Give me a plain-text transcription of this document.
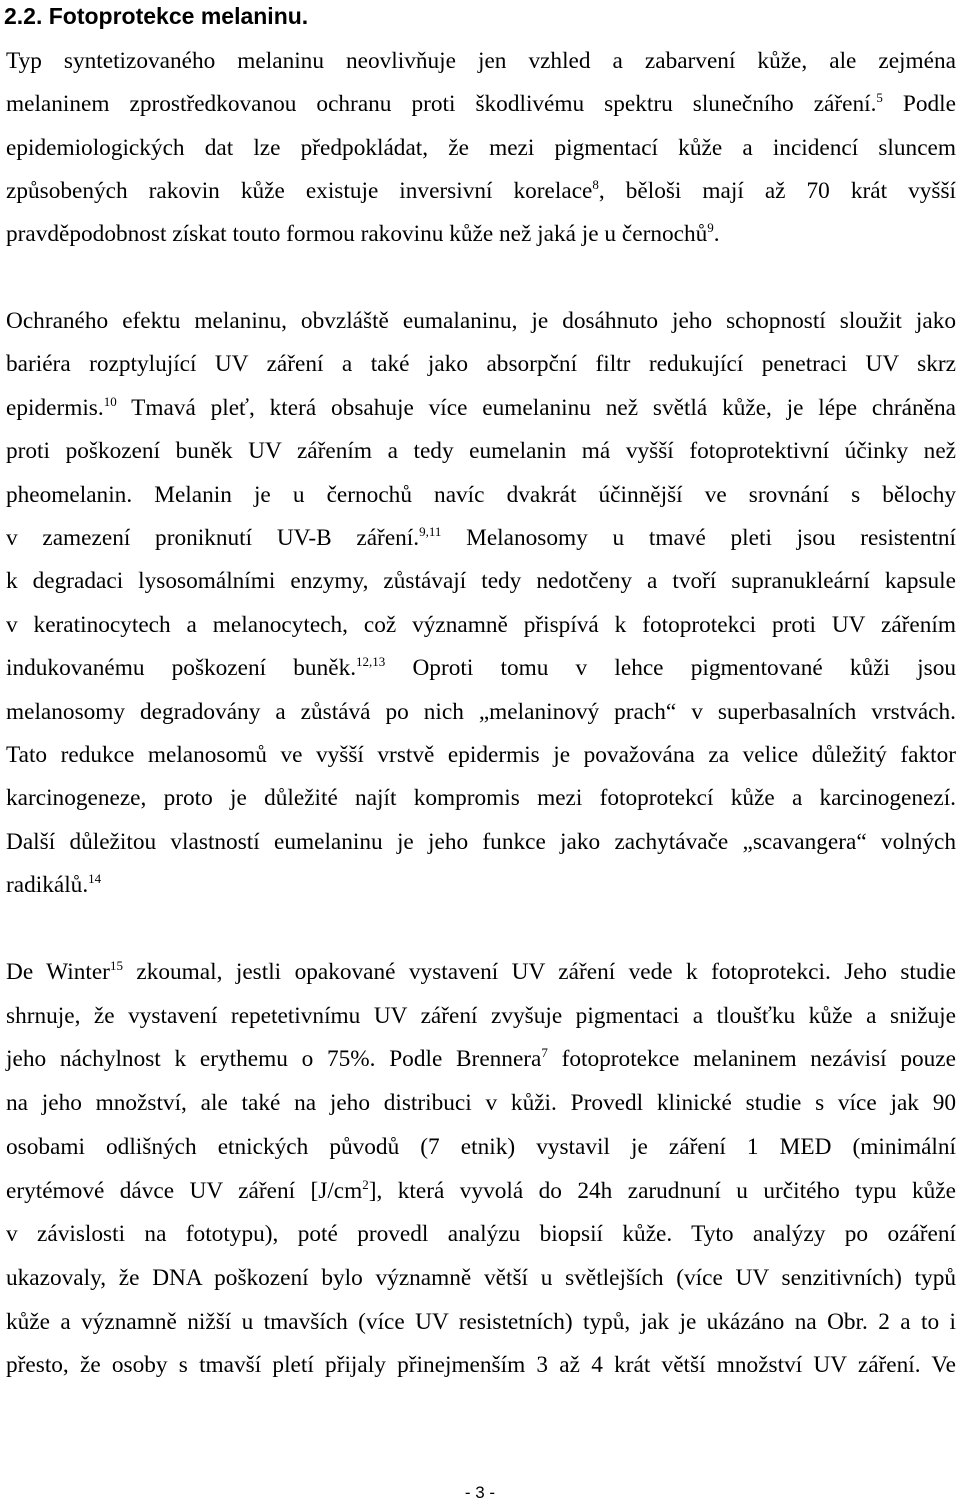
2.2. Fotoprotekce melaninu.
Typ syntetizovaného melaninu neovlivňuje jen vzhled a zabarvení kůže, ale zejména
melaninem zprostředkovanou ochranu proti škodlivému spektru slunečního záření.$^5$ Podle
epidemiologických dat lze předpokládat, že mezi pigmentací kůže a incidencí sluncem
způsobených rakovin kůže existuje inversivní korelace$^8$, běloši mají až 70 krát vyšší
pravděpodobnost získat touto formou rakovinu kůže než jaká je u černochů$^9$.
Ochraného efektu melaninu, obvzláště eumalaninu, je dosáhnuto jeho schopností sloužit jako
bariéra rozptylující UV záření a také jako absorpční filtr redukující penetraci UV skrz
epidermis.$^{10}$ Tmavá pleť, která obsahuje více eumelaninu než světlá kůže, je lépe chráněna
proti poškození buněk UV zářením a tedy eumelanin má vyšší fotoprotektivní účinky než
pheomelanin. Melanin je u černochů navíc dvakrát účinnější ve srovnání s bělochy
v zamezení proniknutí UV-B záření.$^{9,11}$ Melanosomy u tmavé pleti jsou resistentní
k degradaci lysosomálními enzymy, zůstávají tedy nedotčeny a tvoří supranukleární kapsule
v keratinocytech a melanocytech, což významně přispívá k fotoprotekci proti UV zářením
indukovanému poškození buněk.$^{12,13}$ Oproti tomu v lehce pigmentované kůži jsou
melanosomy degradovány a zůstává po nich „melaninový prach“ v superbasalních vrstvách.
Tato redukce melanosomů ve vyšší vrstvě epidermis je považována za velice důležitý faktor
karcinogeneze, proto je důležité najít kompromis mezi fotoprotekcí kůže a karcinogenezí.
Další důležitou vlastností eumelaninu je jeho funkce jako zachytávače „scavangera“ volných
radikálů.$^{14}$
De Winter$^{15}$ zkoumal, jestli opakované vystavení UV záření vede k fotoprotekci. Jeho studie
shrnuje, že vystavení repetetivnímu UV záření zvyšuje pigmentaci a tloušťku kůže a snižuje
jeho náchylnost k erythemu o 75%. Podle Brennera$^7$ fotoprotekce melaninem nezávisí pouze
na jeho množství, ale také na jeho distribuci v kůži. Provedl klinické studie s více jak 90
osobami odlišných etnických původů (7 etnik) vystavil je záření 1 MED (minimální
erytémové dávce UV záření $[J/cm^2]$, která vyvolá do 24h zarudnuní u určitého typu kůže
v závislosti na fototypu), poté provedl analýzu biopsií kůže. Tyto analýzy po ozáření
ukazovaly, že DNA poškození bylo významně větší u světlejších (více UV senzitivních) typů
kůže a významně nižší u tmavších (více UV resistetních) typů, jak je ukázáno na Obr. 2 a to i
přesto, že osoby s tmavší pletí přijaly přinejmenším 3 až 4 krát větší množství UV záření. Ve
- 3 -
